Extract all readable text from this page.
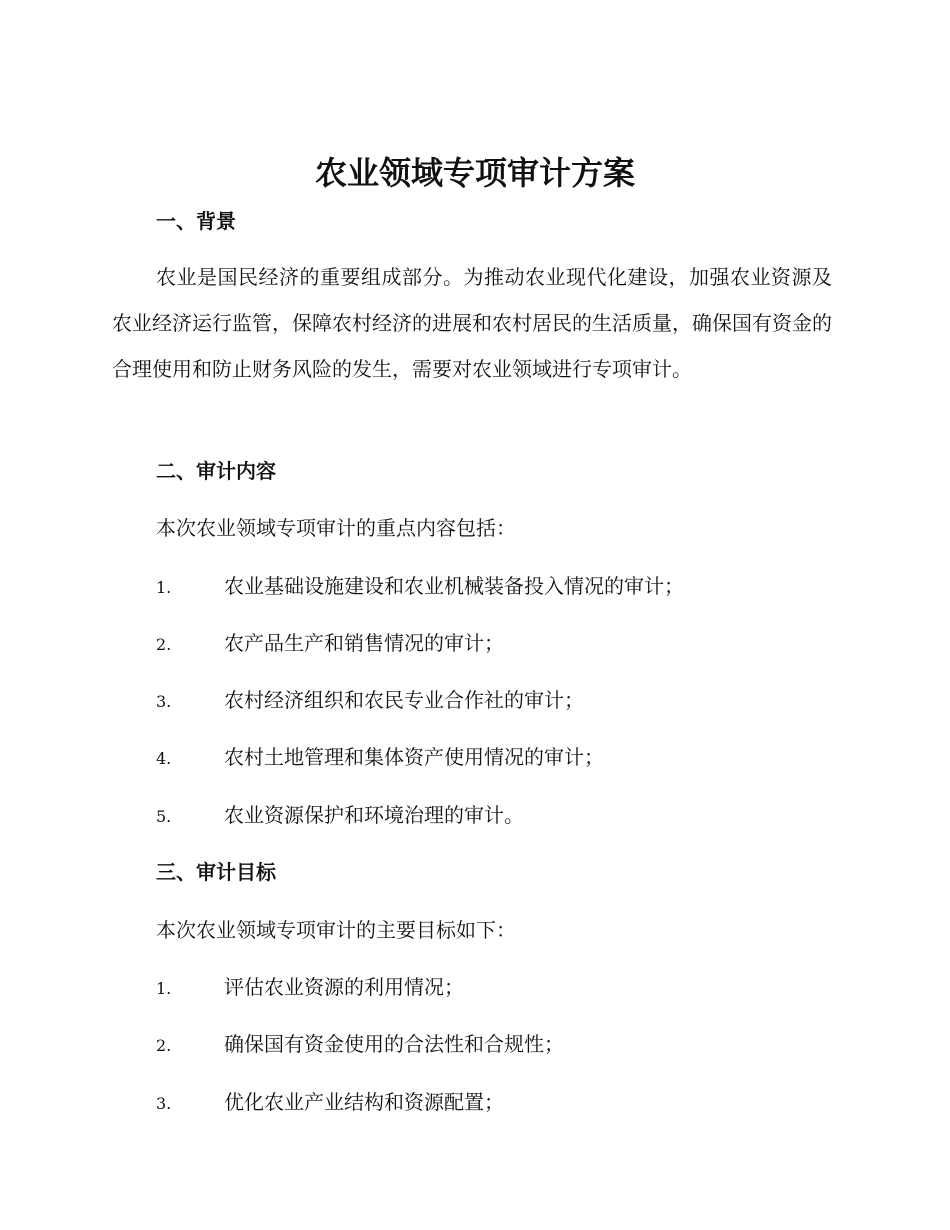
农业领域专项审计方案
一、背景
农业是国民经济的重要组成部分。为推动农业现代化建设，加强农业资源及农业经济运行监管，保障农村经济的进展和农村居民的生活质量，确保国有资金的合理使用和防止财务风险的发生，需要对农业领域进行专项审计。
二、审计内容
本次农业领域专项审计的重点内容包括：
1.	农业基础设施建设和农业机械装备投入情况的审计；
2.	农产品生产和销售情况的审计；
3.	农村经济组织和农民专业合作社的审计；
4.	农村土地管理和集体资产使用情况的审计；
5.	农业资源保护和环境治理的审计。
三、审计目标
本次农业领域专项审计的主要目标如下：
1.	评估农业资源的利用情况；
2.	确保国有资金使用的合法性和合规性；
3.	优化农业产业结构和资源配置；
